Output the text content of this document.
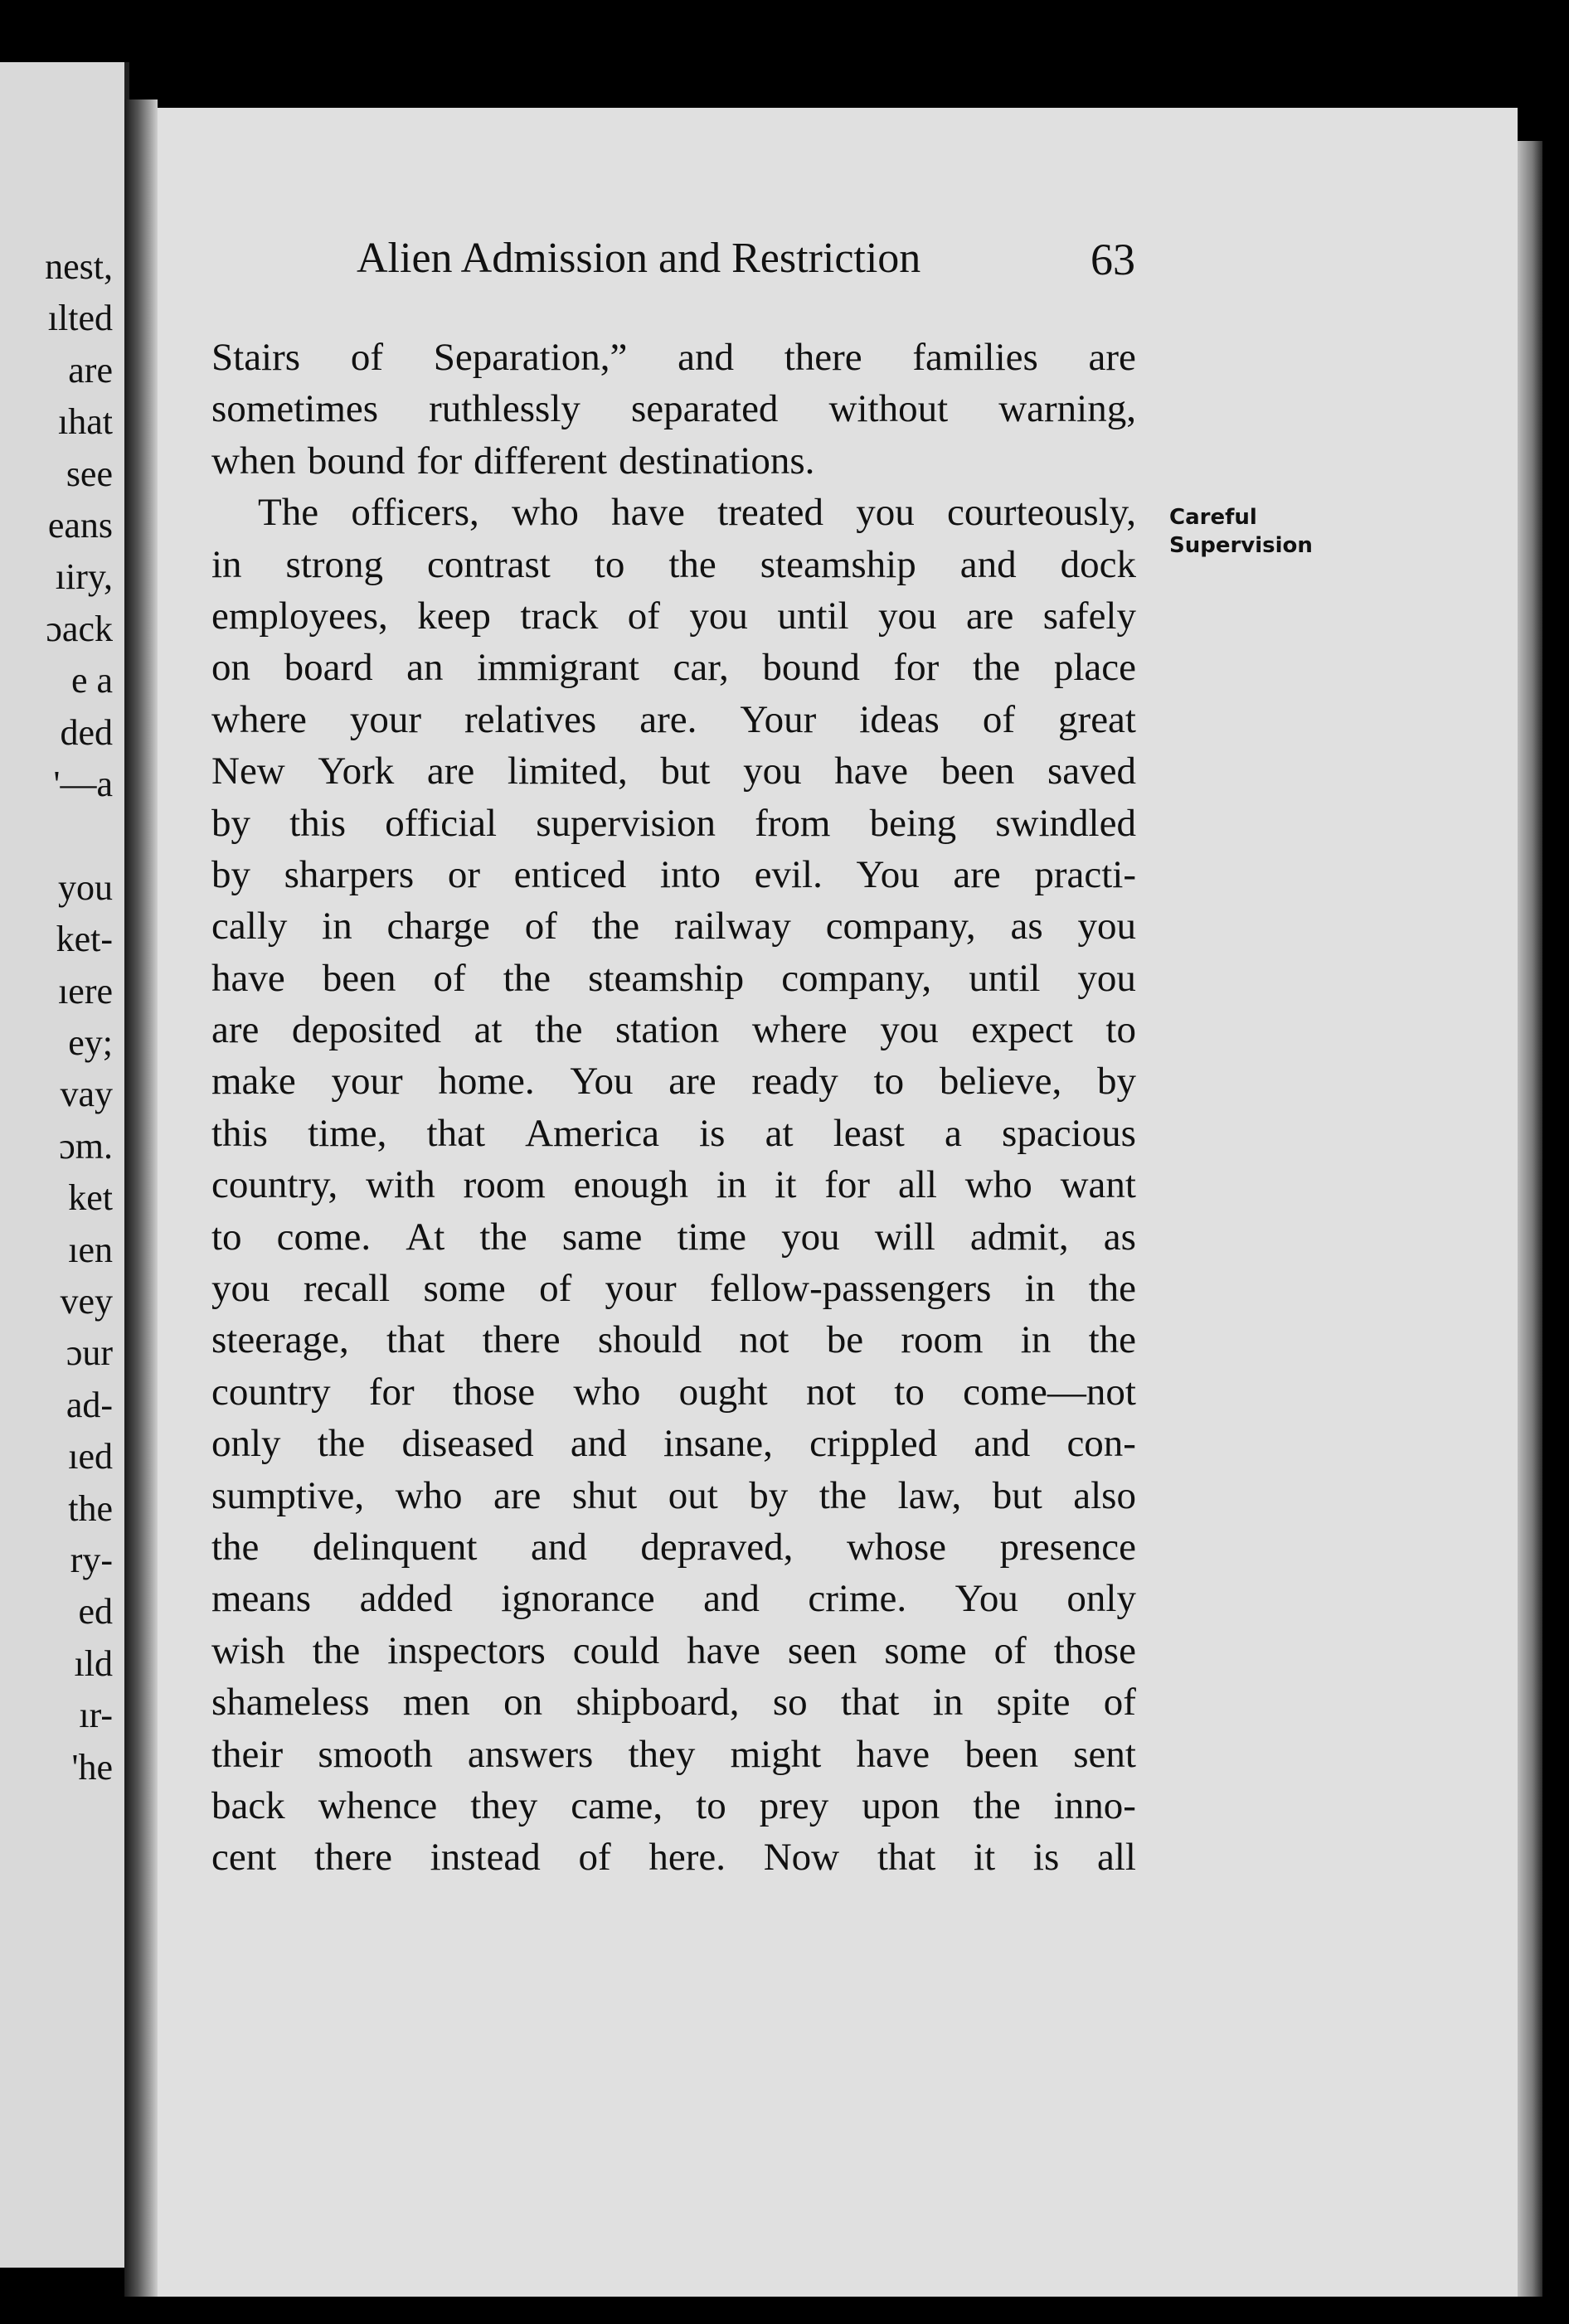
nest,
ılted
are
ıhat
see
eans
ıiry,
ɔack
e a
ded
'—a
you
ket-
ıere
ey;
vay
ɔm.
ket
ıen
vey
ɔur
ad-
ıed
the
ry-
ed
ıld
ır-
'he
Alien Admission and Restriction	63
Stairs of Separation,” and there families are
sometimes ruthlessly separated without warning,
when bound for different destinations.
The officers, who have treated you courteously,
in strong contrast to the steamship and dock
employees, keep track of you until you are safely
on board an immigrant car, bound for the place
where your relatives are. Your ideas of great
New York are limited, but you have been saved
by this official supervision from being swindled
by sharpers or enticed into evil. You are practi-
cally in charge of the railway company, as you
have been of the steamship company, until you
are deposited at the station where you expect to
make your home. You are ready to believe, by
this time, that America is at least a spacious
country, with room enough in it for all who want
to come. At the same time you will admit, as
you recall some of your fellow-passengers in the
steerage, that there should not be room in the
country for those who ought not to come—not
only the diseased and insane, crippled and con-
sumptive, who are shut out by the law, but also
the delinquent and depraved, whose presence
means added ignorance and crime. You only
wish the inspectors could have seen some of those
shameless men on shipboard, so that in spite of
their smooth answers they might have been sent
back whence they came, to prey upon the inno-
cent there instead of here. Now that it is all
Careful
Supervision
